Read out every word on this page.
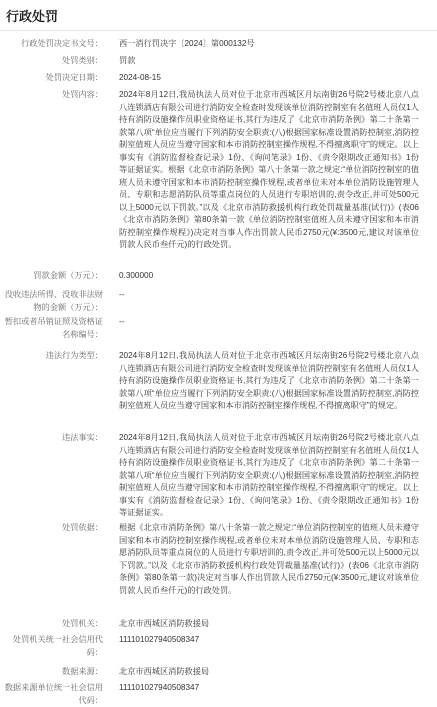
行政处罚
行政处罚决定书文号： 西一消行罚决字〔2024〕第000132号
处罚类别： 罚款
处罚决定日期： 2024-08-15
处罚内容： 2024年8月12日,我局执法人员对位于北京市西城区月坛南街26号院2号楼北京八点八连锁酒店有限公司进行消防安全检查时发现该单位消防控制室有名值班人员仅1人持有消防设施操作员职业资格证书,其行为违反了《北京市消防条例》第二十条第一款第八项“单位应当履行下列消防安全职责:(八)根据国家标准设置消防控制室,消防控制室值班人员应当遵守国家和本市消防控制室操作规程,不得擅离职守”的规定。以上事实有《消防监督检查记录》1份、《询问笔录》1份、《责令限期改正通知书》1份等证据证实。根据《北京市消防条例》第八十条第一款之规定:“单位消防控制室的值班人员未遵守国家和本市消防控制室操作规程,或者单位未对本单位消防设施管理人员、专职和志愿消防队员等重点岗位的人员进行专职培训的,责令改正,并可处500元以上5000元以下罚款。”以及《北京市消防救援机构行政处罚裁量基准(试行)》(表06《北京市消防条例》第80条第一款《单位消防控制室值班人员未遵守国家和本市消防控制室操作规程》)决定对当事人作出罚款人民币2750元(¥:3500元,建议对该单位罚款人民币叁仟元)的行政处罚。
罚款金额（万元）： 0.300000
没收违法所得、没收非法财物的金额（万元）：
--
暂扣或者吊销证照及资格证名称编号：
--
违法行为类型： 2024年8月12日,我局执法人员对位于北京市西城区月坛南街26号院2号楼北京八点八连锁酒店有限公司进行消防安全检查时发现该单位消防控制室有名值班人员仅1人持有消防设施操作员职业资格证书,其行为违反了《北京市消防条例》第二十条第一款第八项“单位应当履行下列消防安全职责:(八)根据国家标准设置消防控制室,消防控制室值班人员应当遵守国家和本市消防控制室操作规程,不得擅离职守”的规定。
违法事实： 2024年8月12日,我局执法人员对位于北京市西城区月坛南街26号院2号楼北京八点八连锁酒店有限公司进行消防安全检查时发现该单位消防控制室有名值班人员仅1人持有消防设施操作员职业资格证书,其行为违反了《北京市消防条例》第二十条第一款第八项“单位应当履行下列消防安全职责:(八)根据国家标准设置消防控制室,消防控制室值班人员应当遵守国家和本市消防控制室操作规程,不得擅离职守”的规定。以上事实有《消防监督检查记录》1份、《询问笔录》1份、《责令限期改正通知书》1份等证据证实。
处罚依据： 根据《北京市消防条例》第八十条第一款之规定:“单位消防控制室的值班人员未遵守国家和本市消防控制室操作规程,或者单位未对本单位消防设施管理人员、专职和志愿消防队员等重点岗位的人员进行专职培训的,责令改正,并可处500元以上5000元以下罚款。”以及《北京市消防救援机构行政处罚裁量基准(试行)》(表06《北京市消防条例》第80条第一款)决定对当事人作出罚款人民币2750元(¥:3500元,建议对该单位罚款人民币叁仟元)的行政处罚。
处罚机关： 北京市西城区消防救援局
处罚机关统一社会信用代码：
111101027940508347
数据来源： 北京市西城区消防救援局
数据来源单位统一社会信用代码：
111101027940508347
